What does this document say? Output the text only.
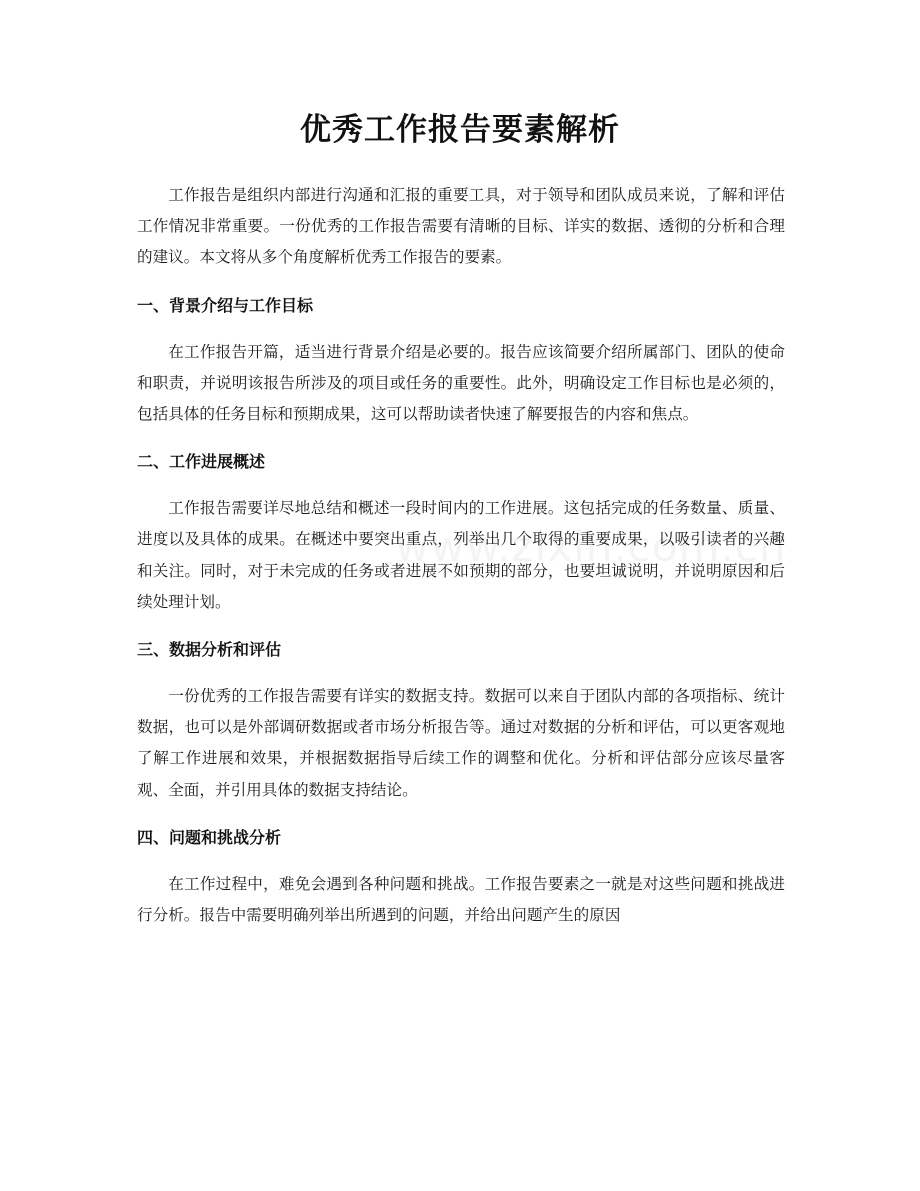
优秀工作报告要素解析

工作报告是组织内部进行沟通和汇报的重要工具，对于领导和团队成员来说，了解和评估工作情况非常重要。一份优秀的工作报告需要有清晰的目标、详实的数据、透彻的分析和合理的建议。本文将从多个角度解析优秀工作报告的要素。

一、背景介绍与工作目标

在工作报告开篇，适当进行背景介绍是必要的。报告应该简要介绍所属部门、团队的使命和职责，并说明该报告所涉及的项目或任务的重要性。此外，明确设定工作目标也是必须的，包括具体的任务目标和预期成果，这可以帮助读者快速了解要报告的内容和焦点。

二、工作进展概述

工作报告需要详尽地总结和概述一段时间内的工作进展。这包括完成的任务数量、质量、进度以及具体的成果。在概述中要突出重点，列举出几个取得的重要成果，以吸引读者的兴趣和关注。同时，对于未完成的任务或者进展不如预期的部分，也要坦诚说明，并说明原因和后续处理计划。

三、数据分析和评估

一份优秀的工作报告需要有详实的数据支持。数据可以来自于团队内部的各项指标、统计数据，也可以是外部调研数据或者市场分析报告等。通过对数据的分析和评估，可以更客观地了解工作进展和效果，并根据数据指导后续工作的调整和优化。分析和评估部分应该尽量客观、全面，并引用具体的数据支持结论。

四、问题和挑战分析

在工作过程中，难免会遇到各种问题和挑战。工作报告要素之一就是对这些问题和挑战进行分析。报告中需要明确列举出所遇到的问题，并给出问题产生的原因
